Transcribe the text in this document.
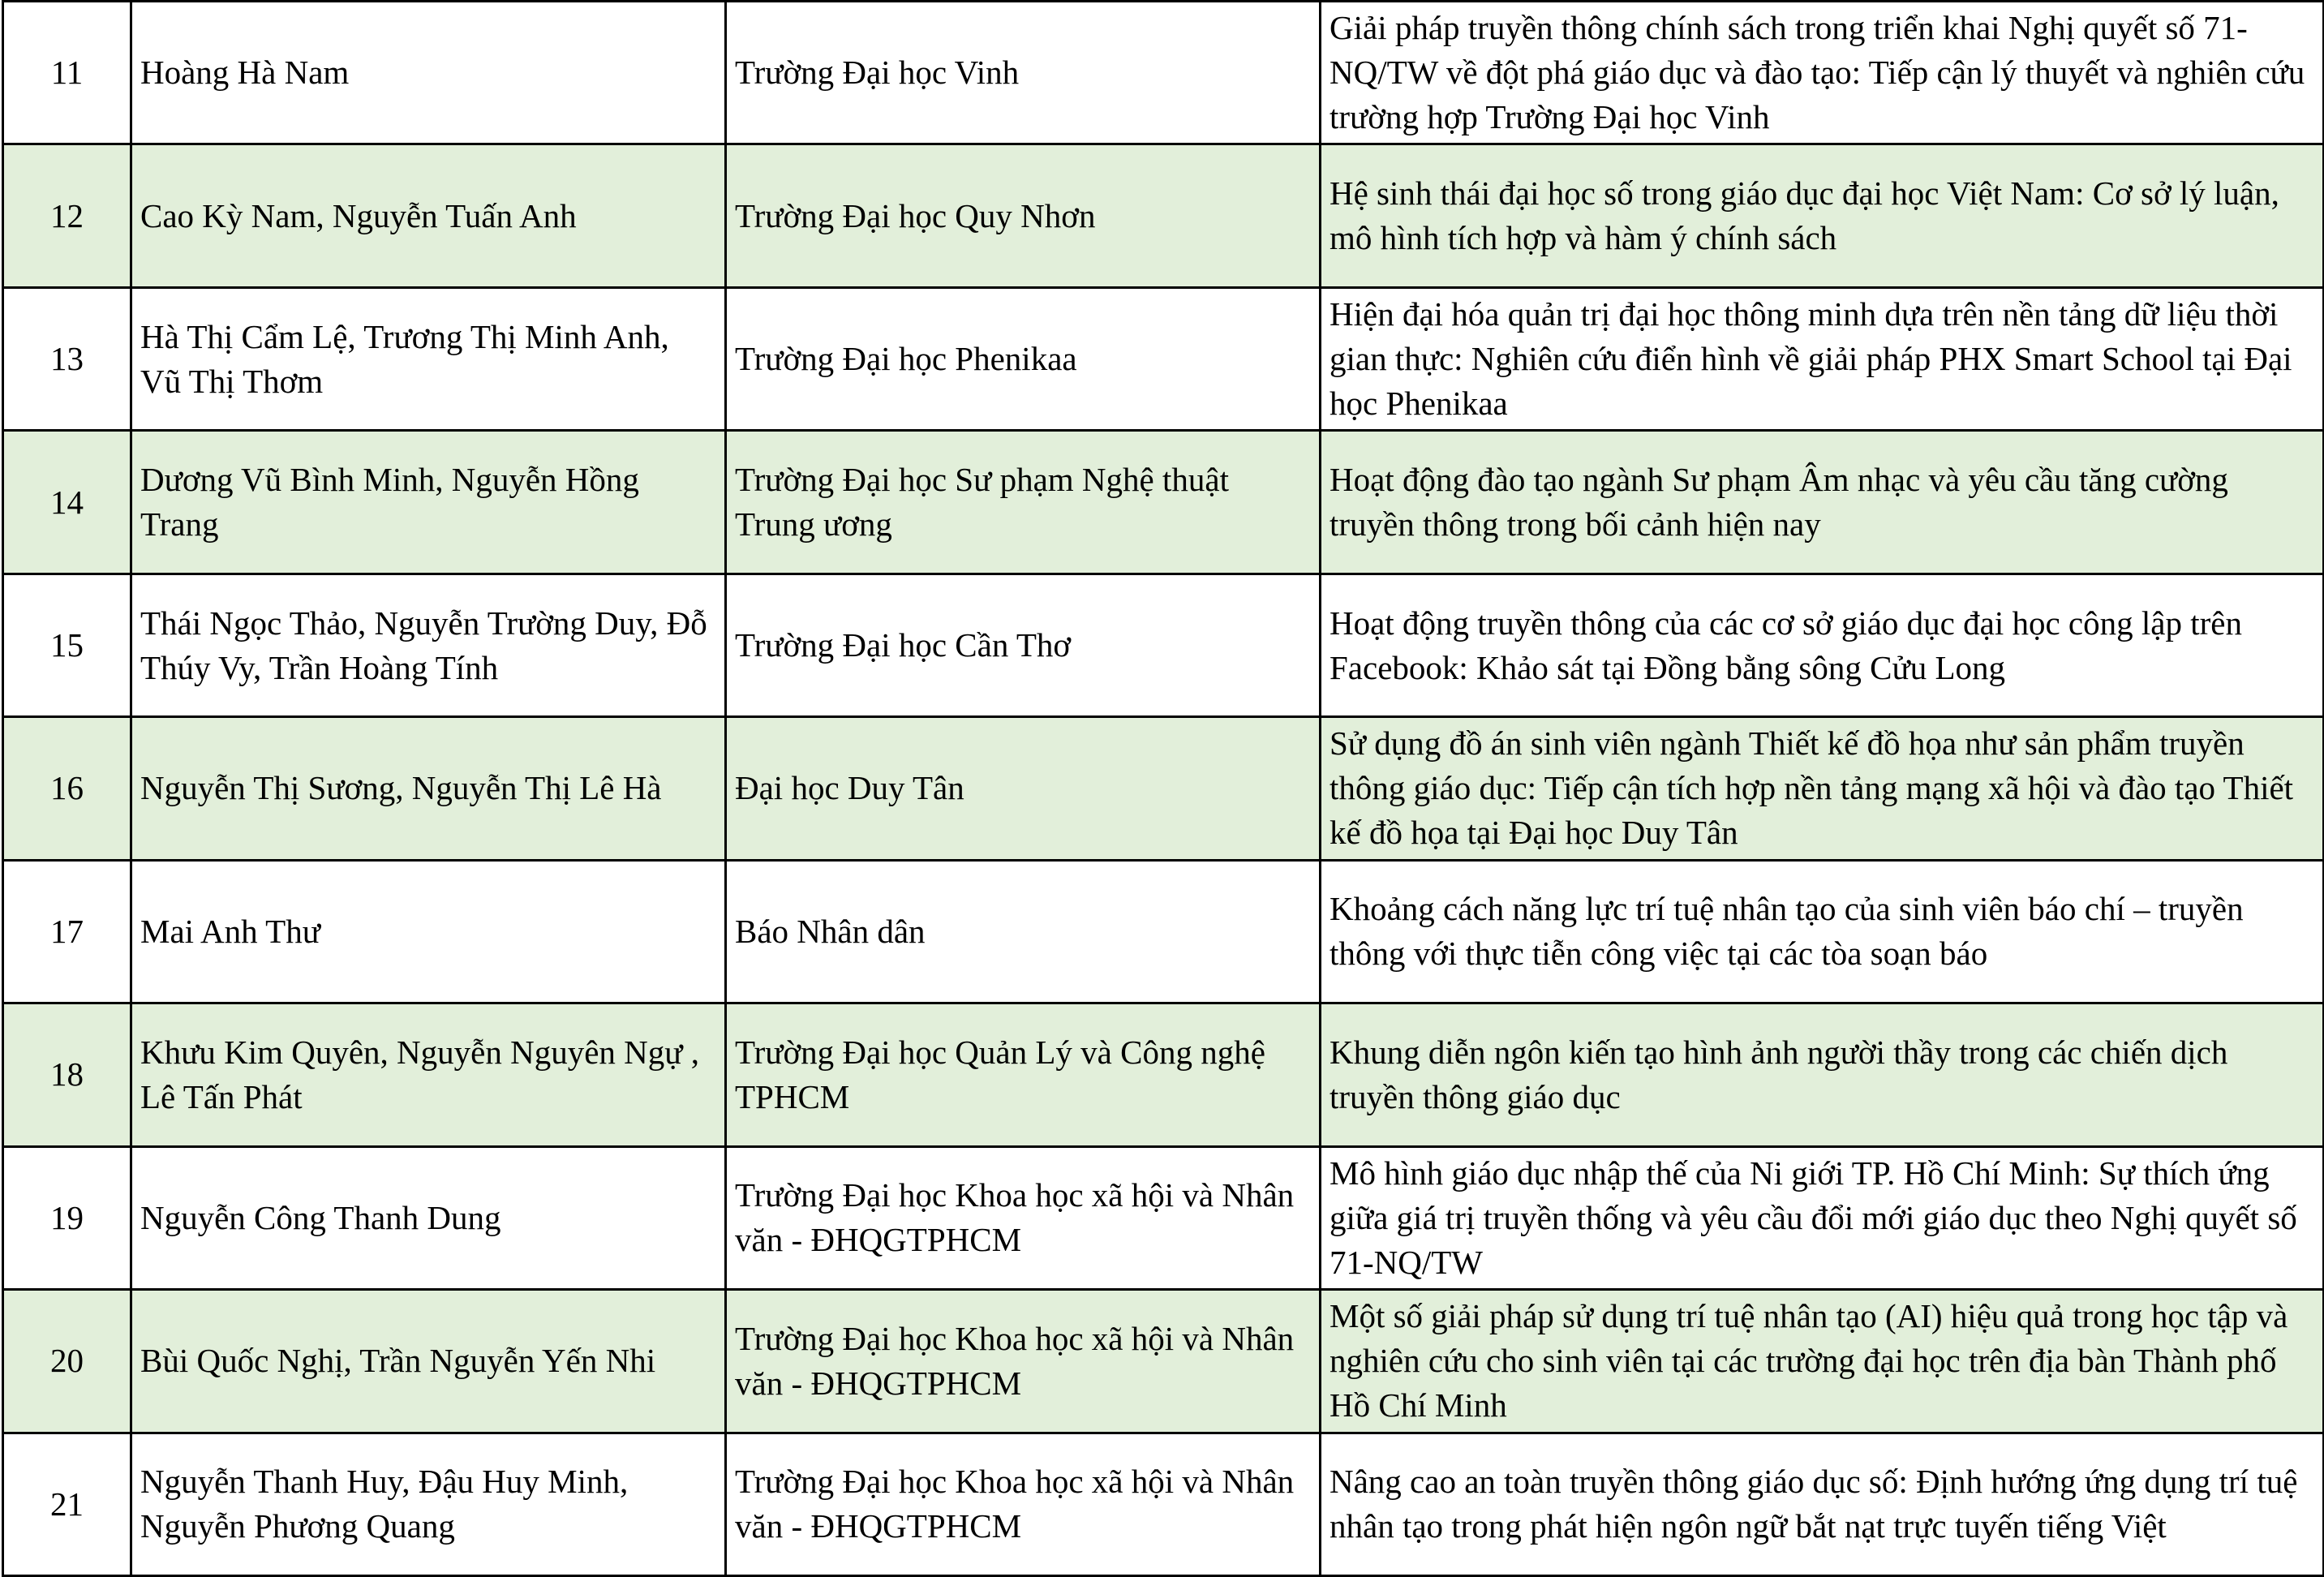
11	Hoàng Hà Nam	Trường Đại học Vinh	Giải pháp truyền thông chính sách trong triển khai Nghị quyết số 71-NQ/TW về đột phá giáo dục và đào tạo: Tiếp cận lý thuyết và nghiên cứu trường hợp Trường Đại học Vinh
12	Cao Kỳ Nam, Nguyễn Tuấn Anh	Trường Đại học Quy Nhơn	Hệ sinh thái đại học số trong giáo dục đại học Việt Nam: Cơ sở lý luận, mô hình tích hợp và hàm ý chính sách
13	Hà Thị Cẩm Lệ, Trương Thị Minh Anh, Vũ Thị Thơm	Trường Đại học Phenikaa	Hiện đại hóa quản trị đại học thông minh dựa trên nền tảng dữ liệu thời gian thực: Nghiên cứu điển hình về giải pháp PHX Smart School tại Đại học Phenikaa
14	Dương Vũ Bình Minh, Nguyễn Hồng Trang	Trường Đại học Sư phạm Nghệ thuật Trung ương	Hoạt động đào tạo ngành Sư phạm Âm nhạc và yêu cầu tăng cường truyền thông trong bối cảnh hiện nay
15	Thái Ngọc Thảo, Nguyễn Trường Duy, Đỗ Thúy Vy, Trần Hoàng Tính	Trường Đại học Cần Thơ	Hoạt động truyền thông của các cơ sở giáo dục đại học công lập trên Facebook: Khảo sát tại Đồng bằng sông Cửu Long
16	Nguyễn Thị Sương, Nguyễn Thị Lê Hà	Đại học Duy Tân	Sử dụng đồ án sinh viên ngành Thiết kế đồ họa như sản phẩm truyền thông giáo dục: Tiếp cận tích hợp nền tảng mạng xã hội và đào tạo Thiết kế đồ họa tại Đại học Duy Tân
17	Mai Anh Thư	Báo Nhân dân	Khoảng cách năng lực trí tuệ nhân tạo của sinh viên báo chí – truyền thông với thực tiễn công việc tại các tòa soạn báo
18	Khưu Kim Quyên, Nguyễn Nguyên Ngự , Lê Tấn Phát	Trường Đại học Quản Lý và Công nghệ TPHCM	Khung diễn ngôn kiến tạo hình ảnh người thầy trong các chiến dịch truyền thông giáo dục
19	Nguyễn Công Thanh Dung	Trường Đại học Khoa học xã hội và Nhân văn - ĐHQGTPHCM	Mô hình giáo dục nhập thế của Ni giới TP. Hồ Chí Minh: Sự thích ứng giữa giá trị truyền thống và yêu cầu đổi mới giáo dục theo Nghị quyết số 71-NQ/TW
20	Bùi Quốc Nghị, Trần Nguyễn Yến Nhi	Trường Đại học Khoa học xã hội và Nhân văn - ĐHQGTPHCM	Một số giải pháp sử dụng trí tuệ nhân tạo (AI) hiệu quả trong học tập và nghiên cứu cho sinh viên tại các trường đại học trên địa bàn Thành phố Hồ Chí Minh
21	Nguyễn Thanh Huy, Đậu Huy Minh, Nguyễn Phương Quang	Trường Đại học Khoa học xã hội và Nhân văn - ĐHQGTPHCM	Nâng cao an toàn truyền thông giáo dục số: Định hướng ứng dụng trí tuệ nhân tạo trong phát hiện ngôn ngữ bắt nạt trực tuyến tiếng Việt
